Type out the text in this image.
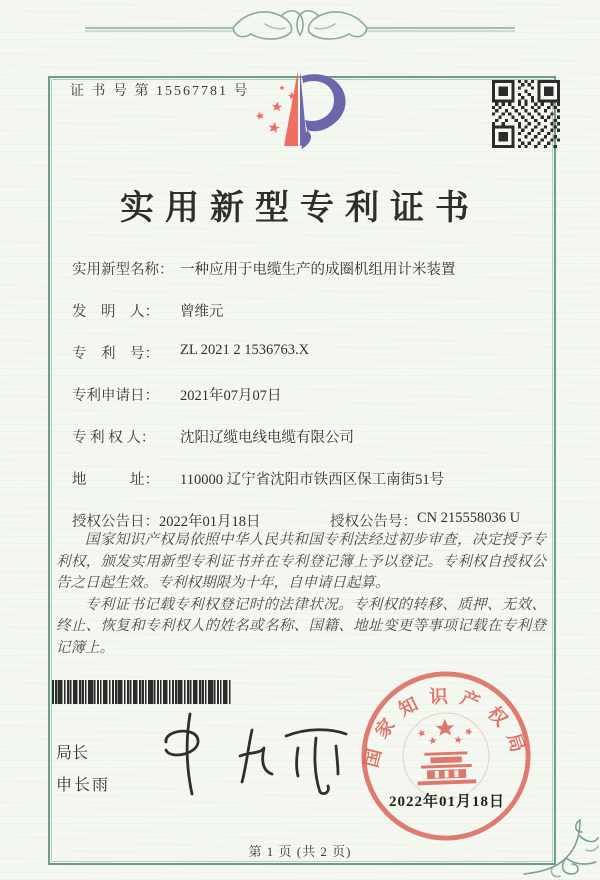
证 书 号 第 15567781 号
实用新型专利证书
实用新型名称： 一种应用于电缆生产的成圈机组用计米装置
发　明　人：	曾维元
专　利　号：	ZL 2021 2 1536763.X
专利申请日：	2021年07月07日
专 利 权 人：	沈阳辽缆电线电缆有限公司
地　　　址：	110000 辽宁省沈阳市铁西区保工南街51号
授权公告日： 2022年01月18日	授权公告号： CN 215558036 U

国家知识产权局依照中华人民共和国专利法经过初步审查，决定授予专利权，颁发实用新型专利证书并在专利登记簿上予以登记。专利权自授权公告之日起生效。专利权期限为十年，自申请日起算。

专利证书记载专利权登记时的法律状况。专利权的转移、质押、无效、终止、恢复和专利权人的姓名或名称、国籍、地址变更等事项记载在专利登记簿上。

局长
申长雨
国家知识产权局
2022年01月18日
第 1 页 (共 2 页)
